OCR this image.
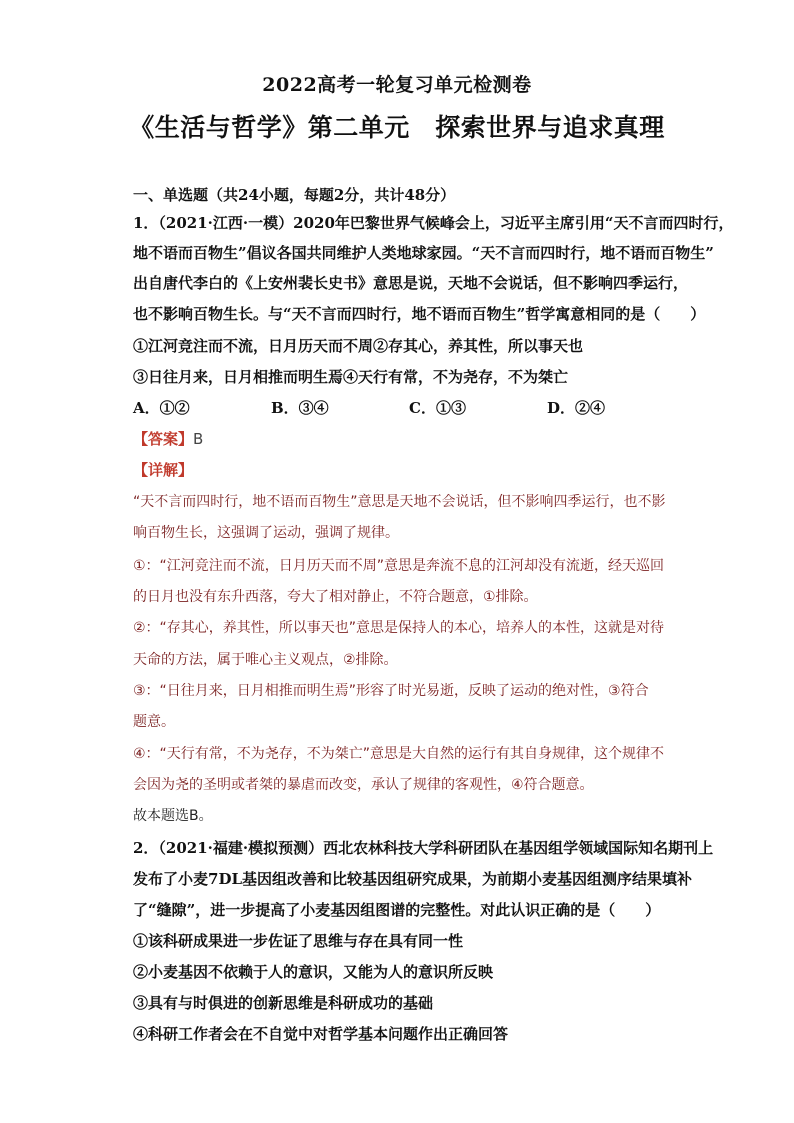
2022高考一轮复习单元检测卷
《生活与哲学》第二单元　探索世界与追求真理
一、单选题（共24小题，每题2分，共计48分）
1．（2021·江西·一模）2020年巴黎世界气候峰会上，习近平主席引用“天不言而四时行，
地不语而百物生”倡议各国共同维护人类地球家园。“天不言而四时行，地不语而百物生”
出自唐代李白的《上安州裴长史书》意思是说，天地不会说话，但不影响四季运行，
也不影响百物生长。与“天不言而四时行，地不语而百物生”哲学寓意相同的是（　　）
①江河竞注而不流，日月历天而不周②存其心，养其性，所以事天也
③日往月来，日月相推而明生焉④天行有常，不为尧存，不为桀亡
A．①②	B．③④	C．①③	D．②④
【答案】B
【详解】
“天不言而四时行，地不语而百物生”意思是天地不会说话，但不影响四季运行，也不影
响百物生长，这强调了运动，强调了规律。
①：“江河竞注而不流，日月历天而不周”意思是奔流不息的江河却没有流逝，经天巡回
的日月也没有东升西落，夸大了相对静止，不符合题意，①排除。
②：“存其心，养其性，所以事天也”意思是保持人的本心，培养人的本性，这就是对待
天命的方法，属于唯心主义观点，②排除。
③：“日往月来，日月相推而明生焉”形容了时光易逝，反映了运动的绝对性，③符合
题意。
④：“天行有常，不为尧存，不为桀亡”意思是大自然的运行有其自身规律，这个规律不
会因为尧的圣明或者桀的暴虐而改变，承认了规律的客观性，④符合题意。
故本题选B。
2．（2021·福建·模拟预测）西北农林科技大学科研团队在基因组学领域国际知名期刊上
发布了小麦7DL基因组改善和比较基因组研究成果，为前期小麦基因组测序结果填补
了“缝隙”，进一步提高了小麦基因组图谱的完整性。对此认识正确的是（　　）
①该科研成果进一步佐证了思维与存在具有同一性
②小麦基因不依赖于人的意识，又能为人的意识所反映
③具有与时俱进的创新思维是科研成功的基础
④科研工作者会在不自觉中对哲学基本问题作出正确回答
